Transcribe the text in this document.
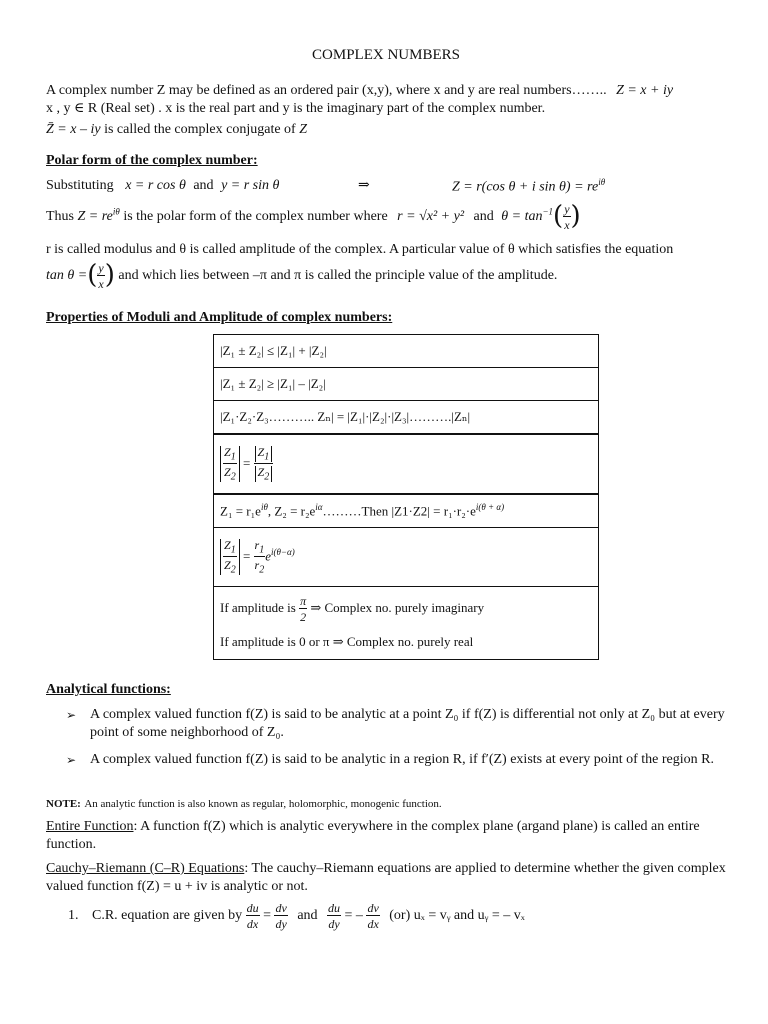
COMPLEX NUMBERS
A complex number Z may be defined as an ordered pair (x,y), where x and y are real numbers…….. Z = x + iy
x , y ∈ R (Real set) . x is the real part and y is the imaginary part of the complex number.
Z̄ = x – iy is called the complex conjugate of Z
Polar form of the complex number:
Substituting x = r cos θ and y = r sin θ	⇒	Z = r(cos θ + i $\sin \theta) = re^{i\theta}$
Thus $Z = re^{i\theta}$ is the polar form of the complex number where r = √x² + y² and $\theta = \tan^{-1}( \frac{y}{x}$ )
r is called modulus and θ is called amplitude of the complex. A particular value of θ which satisfies the equation
tan θ =( $\frac{y}{x}$ ) and which lies between –π and π is called the principle value of the amplitude.
Properties of Moduli and Amplitude of complex numbers:
|Z₁ ± Z₂| ≤ |Z₁| + |Z₂|
|Z₁ ± Z₂| ≥ |Z₁| – |Z₂|
|Z₁·Z₂·Z₃……….. Zₙ| = |Z₁|·|Z₂|·|Z₃|……….|Zₙ|

$\frac{Z_1}{Z_2} = \frac{Z_1}{Z_2}$

$Z_1 = r_1e^{i\theta}$, $Z_2 = r_2e^{i\alpha}\dots\dots\dots Then$ $|Z1\cdot Z2| = r_1\cdot r_2\cdot e^{i(\theta + \alpha)}$

$\frac{Z_1}{Z_2} = \frac{r_1}{r_2} e^{i(\theta-\alpha)}$
If amplitude is $\frac{\pi}{2}$ ⇒ Complex no. purely imaginary
If amplitude is 0 or π ⇒ Complex no. purely real
Analytical functions:
➢ A complex valued function f(Z) is said to be analytic at a point Z₀ if f(Z) is differential not only at Z₀ but at every point of some neighborhood of Z₀.
➢ A complex valued function f(Z) is said to be analytic in a region R, if f′(Z) exists at every point of the region R.
NOTE: An analytic function is also known as regular, holomorphic, monogenic function.
Entire Function: A function f(Z) which is analytic everywhere in the complex plane (argand plane) is called an entire function.
Cauchy–Riemann (C–R) Equations: The cauchy–Riemann equations are applied to determine whether the given complex valued function f(Z) = u + iv is analytic or not.
1. C.R. equation are given by $\frac{du}{dx} = \frac{dv}{dy}$ and $\frac{du}{dy}$ = – $\frac{dv}{dx} (or) u_x$ = vᵧ and uᵧ = – vₓ
